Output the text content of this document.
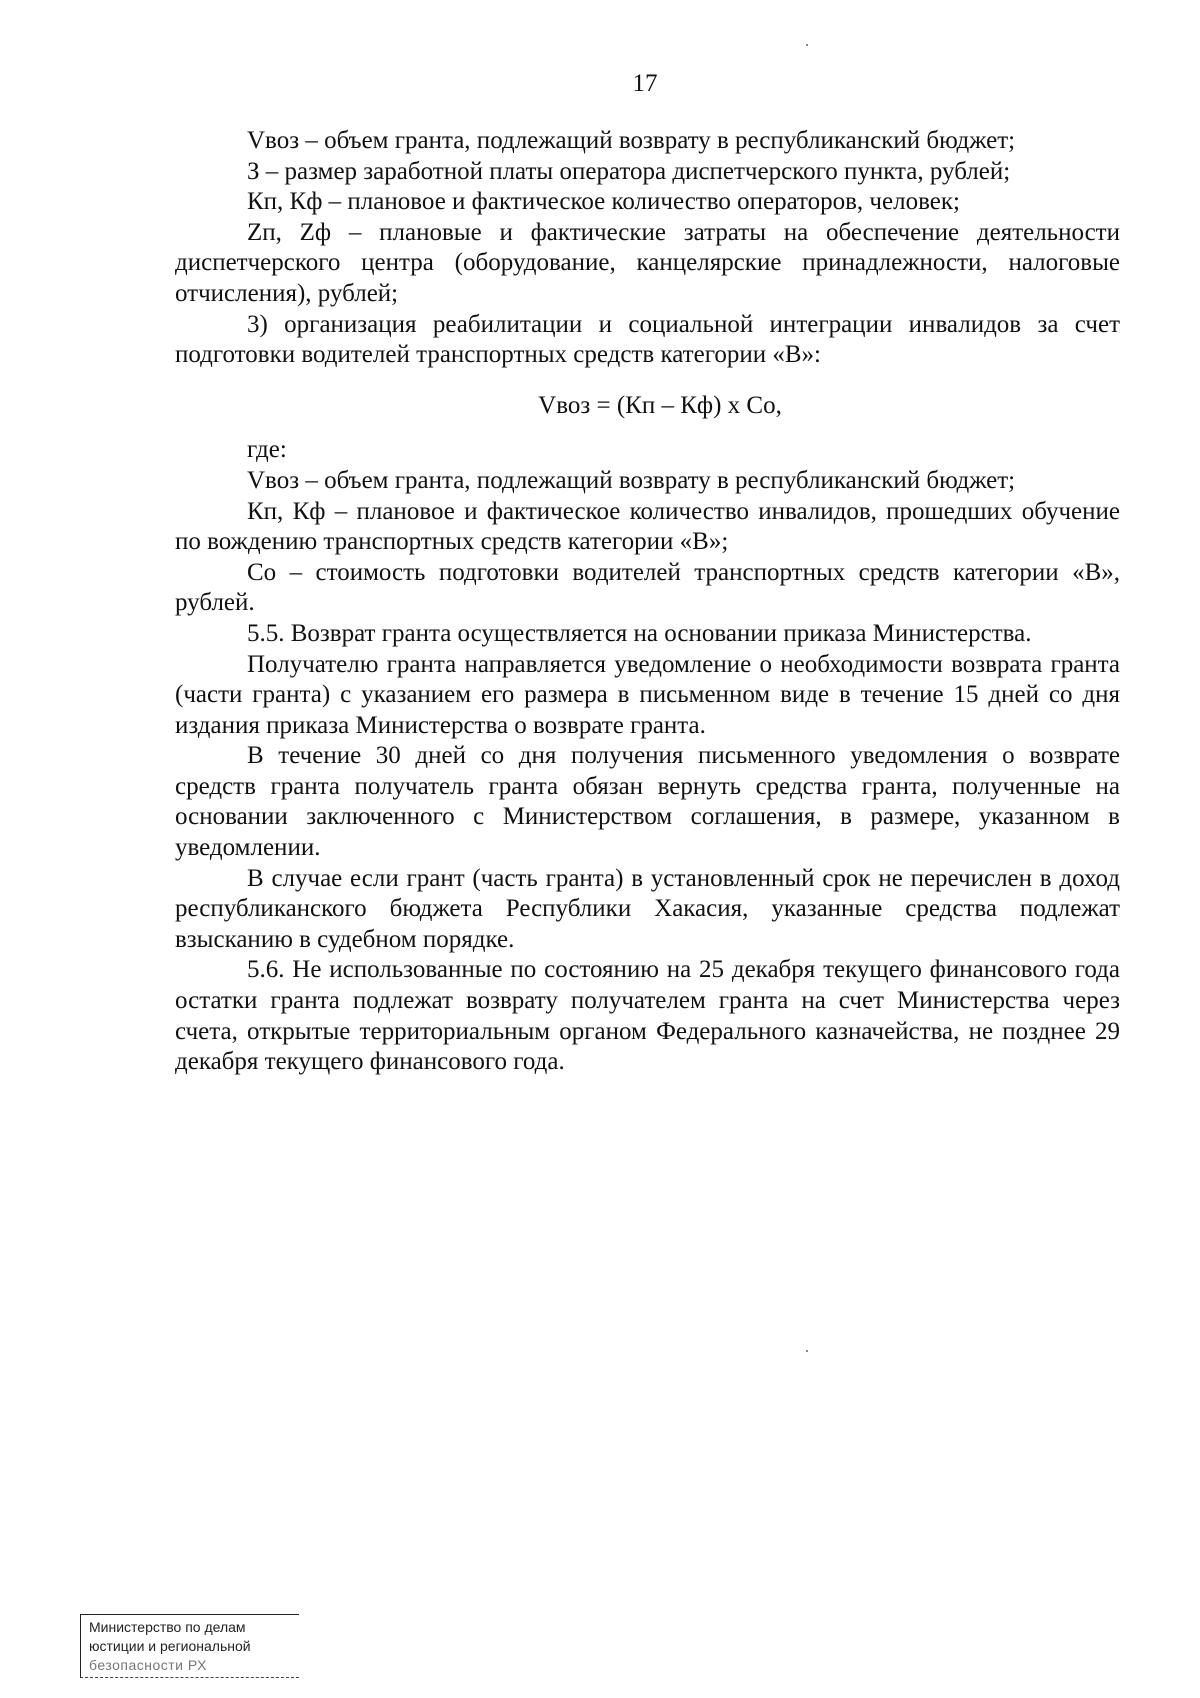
17

Vвоз – объем гранта, подлежащий возврату в республиканский бюджет;

З – размер заработной платы оператора диспетчерского пункта, рублей;

Кп, Кф – плановое и фактическое количество операторов, человек;

Zп, Zф – плановые и фактические затраты на обеспечение деятельности диспетчерского центра (оборудование, канцелярские принадлежности, налоговые отчисления), рублей;

3) организация реабилитации и социальной интеграции инвалидов за счет подготовки водителей транспортных средств категории «В»:

Vвоз = (Кп – Кф) х Со,

где:

Vвоз – объем гранта, подлежащий возврату в республиканский бюджет;

Кп, Кф – плановое и фактическое количество инвалидов, прошедших обучение по вождению транспортных средств категории «В»;

Со – стоимость подготовки водителей транспортных средств категории «В», рублей.

5.5. Возврат гранта осуществляется на основании приказа Министерства.

Получателю гранта направляется уведомление о необходимости возврата гранта (части гранта) с указанием его размера в письменном виде в течение 15 дней со дня издания приказа Министерства о возврате гранта.

В течение 30 дней со дня получения письменного уведомления о возврате средств гранта получатель гранта обязан вернуть средства гранта, полученные на основании заключенного с Министерством соглашения, в размере, указанном в уведомлении.

В случае если грант (часть гранта) в установленный срок не перечислен в доход республиканского бюджета Республики Хакасия, указанные средства подлежат взысканию в судебном порядке.

5.6. Не использованные по состоянию на 25 декабря текущего финансового года остатки гранта подлежат возврату получателем гранта на счет Министерства через счета, открытые территориальным органом Федерального казначейства, не позднее 29 декабря текущего финансового года.

Министерство по делам
юстиции и региональной
безопасности РХ
